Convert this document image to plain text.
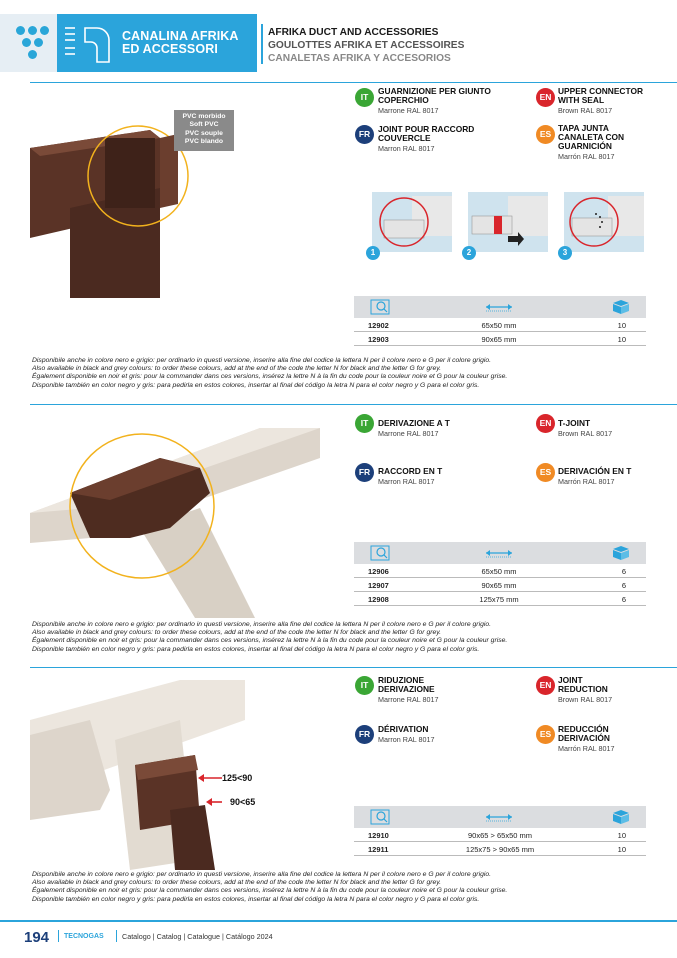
CANALINA AFRIKA
ED ACCESSORI
AFRIKA DUCT AND ACCESSORIES
GOULOTTES AFRIKA ET ACCESSOIRES
CANALETAS AFRIKA Y ACCESORIOS
PVC morbido
Soft PVC
PVC souple
PVC blando
IT
GUARNIZIONE PER GIUNTO
COPERCHIO
Marrone RAL 8017
EN
UPPER CONNECTOR
WITH SEAL
Brown RAL 8017
FR JOINT POUR RACCORD
COUVERCLE
Marron RAL 8017
ES
TAPA JUNTA
CANALETA CON
GUARNICIÓN
Marrón RAL 8017
1	2	3
12902	65x50 mm	10
12903	90x65 mm	10

Disponibile anche in colore nero e grigio: per ordinarlo in questi versione, inserire alla fine del codice la lettera N per il colore nero e G per il colore grigio.

Also available in black and grey colours: to order these colours, add at the end of the code the letter N for black and the letter G for grey.

Également disponible en noir et gris: pour la commander dans ces versions, insérez la lettre N à la fin du code pour la couleur noire et G pour la couleur grise.

Disponible también en color negro y gris: para pedirla en estos colores, insertar al final del código la letra N para el color negro y G para el color gris.

IT	DERIVAZIONE A T
Marrone RAL 8017
EN T-JOINT
Brown RAL 8017
FR RACCORD EN T
Marron RAL 8017
ES DERIVACIÓN EN T
Marrón RAL 8017
12906	65x50 mm	6
12907	90x65 mm	6
12908	125x75 mm	6

Disponibile anche in colore nero e grigio: per ordinarlo in questi versione, inserire alla fine del codice la lettera N per il colore nero e G per il colore grigio.

Also available in black and grey colours: to order these colours, add at the end of the code the letter N for black and the letter G for grey.

Également disponible en noir et gris: pour la commander dans ces versions, insérez la lettre N à la fin du code pour la couleur noire et G pour la couleur grise.

Disponible también en color negro y gris: para pedirla en estos colores, insertar al final del código la letra N para el color negro y G para el color gris.

125<90
90<65
IT	RIDUZIONE
DERIVAZIONE
Marrone RAL 8017
EN JOINT
REDUCTION
Brown RAL 8017
FR DÉRIVATION
Marron RAL 8017
ES REDUCCIÓN
DERIVACIÓN
Marrón RAL 8017
12910	90x65 > 65x50 mm	10
12911	125x75 > 90x65 mm	10

Disponibile anche in colore nero e grigio: per ordinarlo in questi versione, inserire alla fine del codice la lettera N per il colore nero e G per il colore grigio.

Also available in black and grey colours: to order these colours, add at the end of the code the letter N for black and the letter G for grey.

Également disponible en noir et gris: pour la commander dans ces versions, insérez la lettre N à la fin du code pour la couleur noire et G pour la couleur grise.

Disponible también en color negro y gris: para pedirla en estos colores, insertar al final del código la letra N para el color negro y G para el color gris.

194 TECNOGAS	Catalogo | Catalog | Catalogue | Catálogo 2024
